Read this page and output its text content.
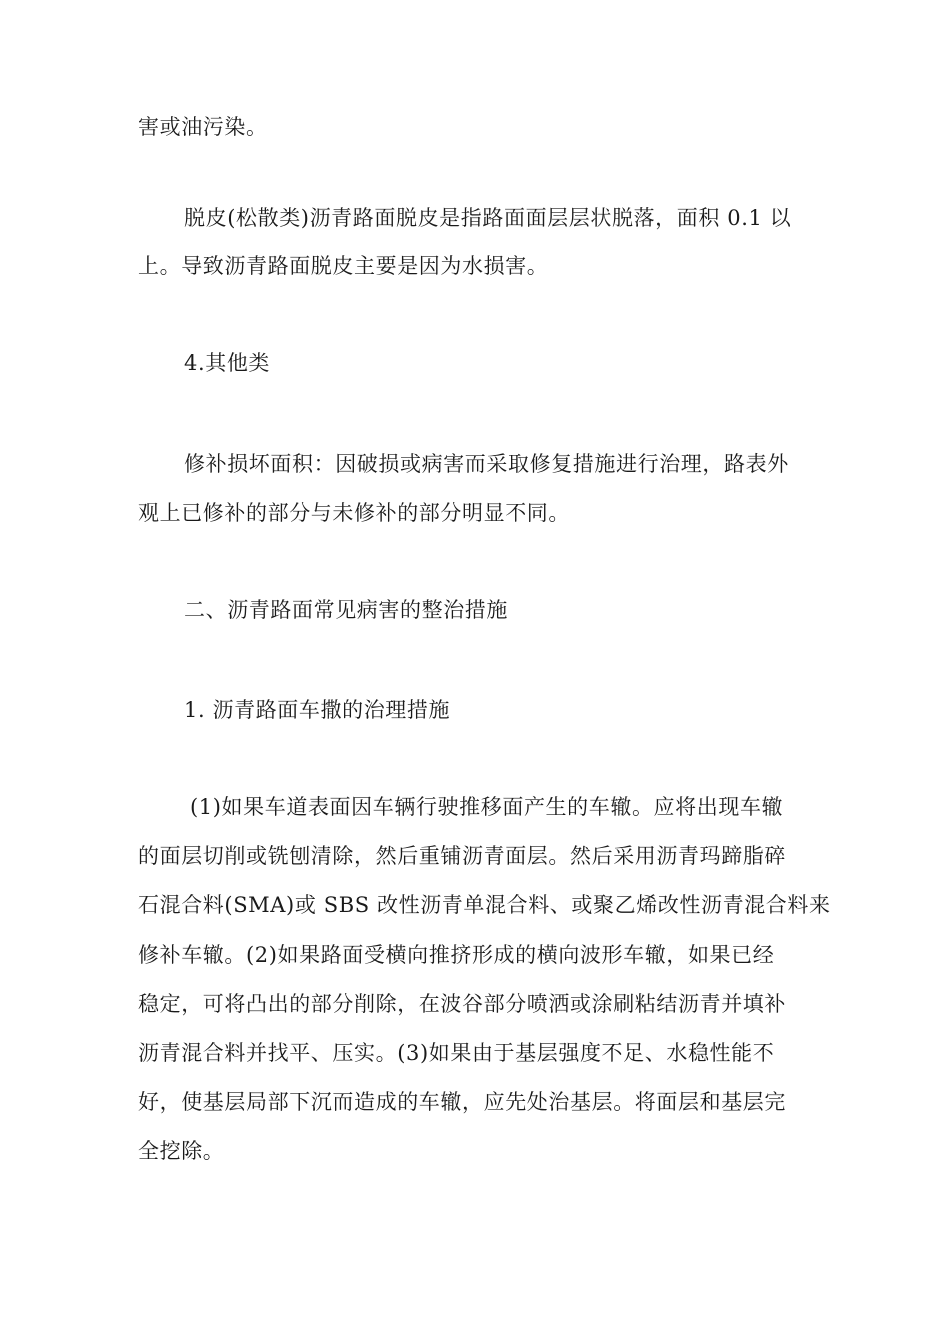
害或油污染。
脱皮(松散类)沥青路面脱皮是指路面面层层状脱落，面积 0.1 以
上。导致沥青路面脱皮主要是因为水损害。
4.其他类
修补损坏面积：因破损或病害而采取修复措施进行治理，路表外
观上已修补的部分与未修补的部分明显不同。
二、沥青路面常见病害的整治措施
1. 沥青路面车撒的治理措施
(1)如果车道表面因车辆行驶推移面产生的车辙。应将出现车辙
的面层切削或铣刨清除，然后重铺沥青面层。然后采用沥青玛蹄脂碎
石混合料(SMA)或 SBS 改性沥青单混合料、或聚乙烯改性沥青混合料来
修补车辙。(2)如果路面受横向推挤形成的横向波形车辙，如果已经
稳定，可将凸出的部分削除，在波谷部分喷洒或涂刷粘结沥青并填补
沥青混合料并找平、压实。(3)如果由于基层强度不足、水稳性能不
好，使基层局部下沉而造成的车辙，应先处治基层。将面层和基层完
全挖除。
